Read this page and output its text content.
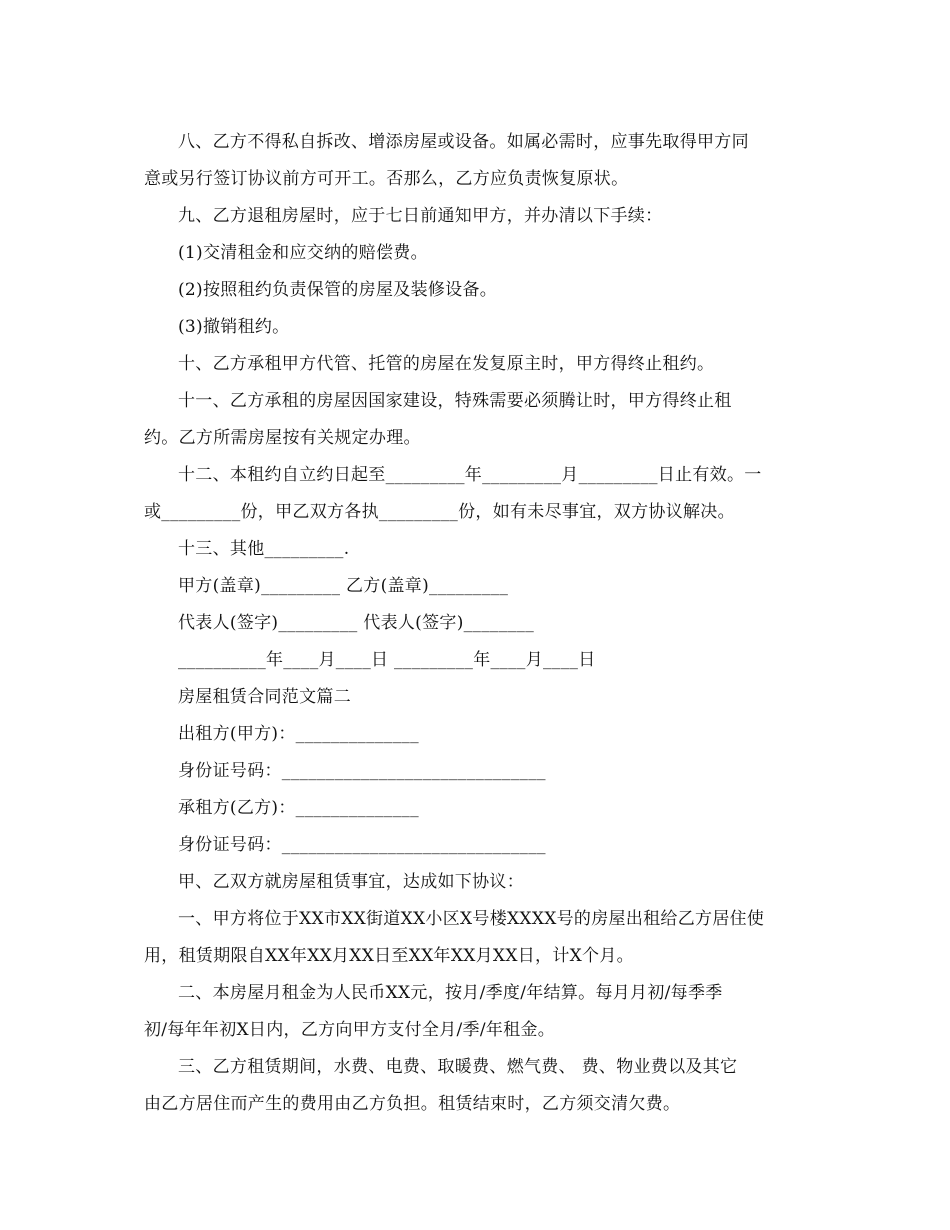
八、乙方不得私自拆改、增添房屋或设备。如属必需时，应事先取得甲方同
意或另行签订协议前方可开工。否那么，乙方应负责恢复原状。
九、乙方退租房屋时，应于七日前通知甲方，并办清以下手续：
(1)交清租金和应交纳的赔偿费。
(2)按照租约负责保管的房屋及装修设备。
(3)撤销租约。
十、乙方承租甲方代管、托管的房屋在发复原主时，甲方得终止租约。
十一、乙方承租的房屋因国家建设，特殊需要必须腾让时，甲方得终止租
约。乙方所需房屋按有关规定办理。
十二、本租约自立约日起至_________年_________月_________日止有效。一
或_________份，甲乙双方各执_________份，如有未尽事宜，双方协议解决。
十三、其他_________.
甲方(盖章)_________ 乙方(盖章)_________
代表人(签字)_________ 代表人(签字)________
__________年____月____日 _________年____月____日
房屋租赁合同范文篇二
出租方(甲方)：______________
身份证号码：______________________________
承租方(乙方)：______________
身份证号码：______________________________
甲、乙双方就房屋租赁事宜，达成如下协议：
一、甲方将位于XX市XX街道XX小区X号楼XXXX号的房屋出租给乙方居住使
用，租赁期限自XX年XX月XX日至XX年XX月XX日，计X个月。
二、本房屋月租金为人民币XX元，按月/季度/年结算。每月月初/每季季
初/每年年初X日内，乙方向甲方支付全月/季/年租金。
三、乙方租赁期间，水费、电费、取暖费、燃气费、 费、物业费以及其它
由乙方居住而产生的费用由乙方负担。租赁结束时，乙方须交清欠费。
